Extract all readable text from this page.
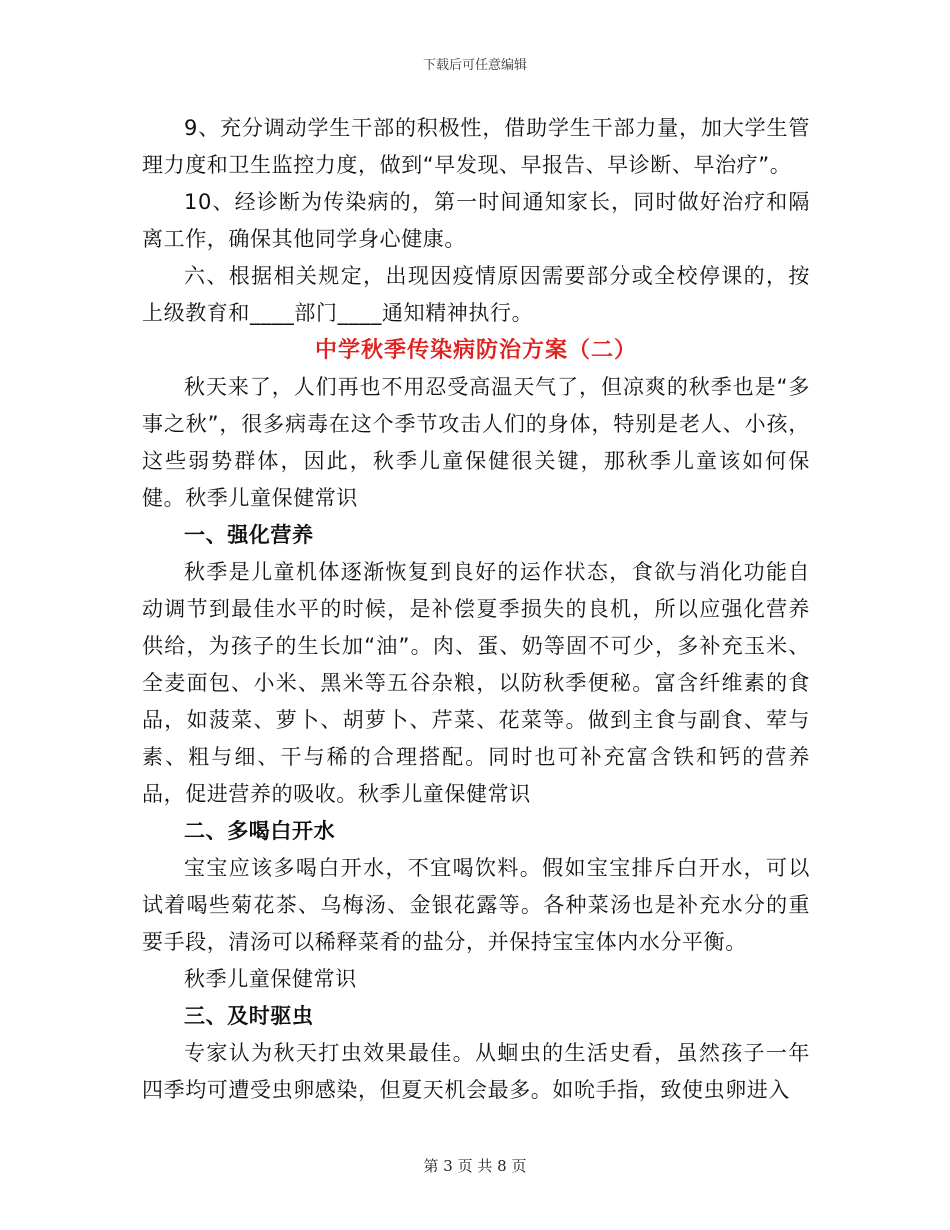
下载后可任意编辑

9、充分调动学生干部的积极性，借助学生干部力量，加大学生管理力度和卫生监控力度，做到“早发现、早报告、早诊断、早治疗”。

10、经诊断为传染病的，第一时间通知家长，同时做好治疗和隔离工作，确保其他同学身心健康。

六、根据相关规定，出现因疫情原因需要部分或全校停课的，按上级教育和____部门____通知精神执行。

中学秋季传染病防治方案（二）

秋天来了，人们再也不用忍受高温天气了，但凉爽的秋季也是“多事之秋”，很多病毒在这个季节攻击人们的身体，特别是老人、小孩，这些弱势群体，因此，秋季儿童保健很关键，那秋季儿童该如何保健。秋季儿童保健常识

一、强化营养

秋季是儿童机体逐渐恢复到良好的运作状态，食欲与消化功能自动调节到最佳水平的时候，是补偿夏季损失的良机，所以应强化营养供给，为孩子的生长加“油”。肉、蛋、奶等固不可少，多补充玉米、全麦面包、小米、黑米等五谷杂粮，以防秋季便秘。富含纤维素的食品，如菠菜、萝卜、胡萝卜、芹菜、花菜等。做到主食与副食、荤与素、粗与细、干与稀的合理搭配。同时也可补充富含铁和钙的营养品，促进营养的吸收。秋季儿童保健常识

二、多喝白开水

宝宝应该多喝白开水，不宜喝饮料。假如宝宝排斥白开水，可以试着喝些菊花茶、乌梅汤、金银花露等。各种菜汤也是补充水分的重要手段，清汤可以稀释菜肴的盐分，并保持宝宝体内水分平衡。

秋季儿童保健常识

三、及时驱虫

专家认为秋天打虫效果最佳。从蛔虫的生活史看，虽然孩子一年四季均可遭受虫卵感染，但夏天机会最多。如吮手指，致使虫卵进入

第 3 页 共 8 页
